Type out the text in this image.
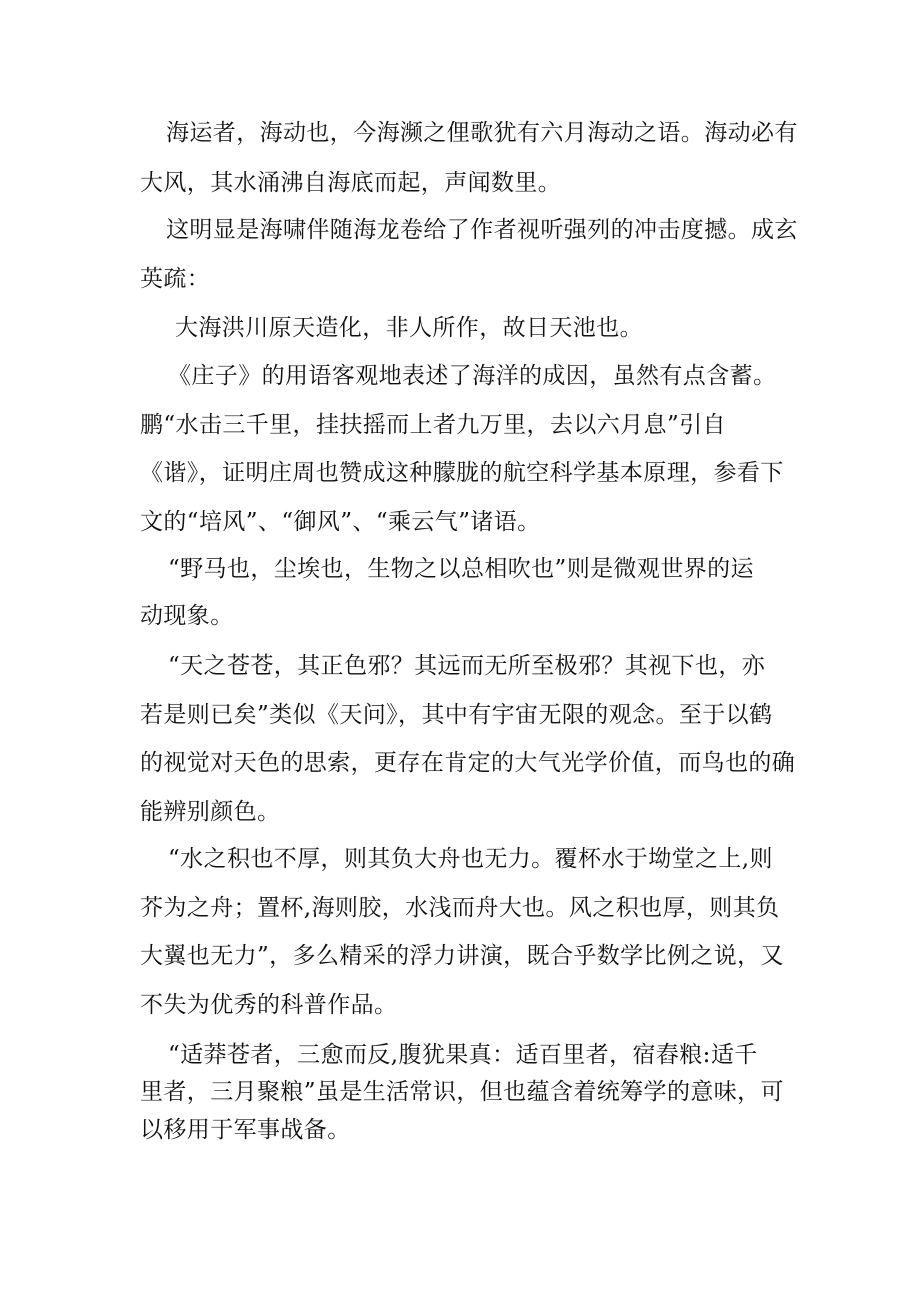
海运者，海动也，今海濒之俚歌犹有六月海动之语。海动必有
大风，其水涌沸自海底而起，声闻数里。
这明显是海啸伴随海龙卷给了作者视听强列的冲击度撼。成玄
英疏：
大海洪川原天造化，非人所作，故日天池也。
《庄子》的用语客观地表述了海洋的成因，虽然有点含蓄。
鹏“水击三千里，挂扶摇而上者九万里，去以六月息”引自
《谐》，证明庄周也赞成这种朦胧的航空科学基本原理，参看下
文的“培风”、“御风”、“乘云气”诸语。
“野马也，尘埃也，生物之以总相吹也”则是微观世界的运
动现象。
“天之苍苍，其正色邪？其远而无所至极邪？其视下也，亦
若是则已矣”类似《天问》，其中有宇宙无限的观念。至于以鹤
的视觉对天色的思索，更存在肯定的大气光学价值，而鸟也的确
能辨别颜色。
“水之积也不厚，则其负大舟也无力。覆杯水于坳堂之上,则
芥为之舟；置杯,海则胶，水浅而舟大也。风之积也厚，则其负
大翼也无力”，多么精采的浮力讲演，既合乎数学比例之说，又
不失为优秀的科普作品。
“适莽苍者，三愈而反,腹犹果真：适百里者，宿舂粮:适千
里者，三月聚粮”虽是生活常识，但也蕴含着统筹学的意味，可
以移用于军事战备。
